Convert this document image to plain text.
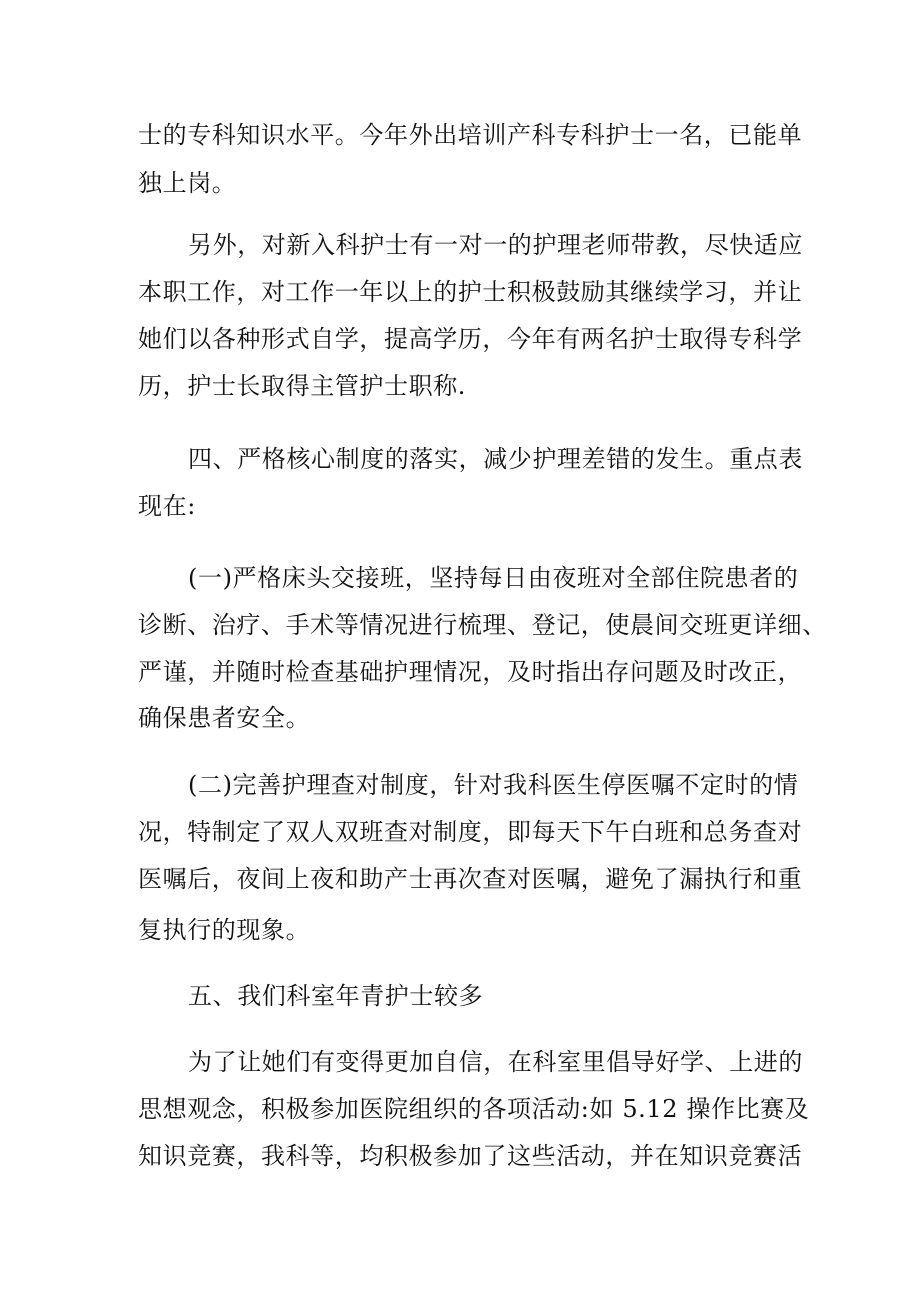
士的专科知识水平。今年外出培训产科专科护士一名，已能单
独上岗。
另外，对新入科护士有一对一的护理老师带教，尽快适应
本职工作，对工作一年以上的护士积极鼓励其继续学习，并让
她们以各种形式自学，提高学历，今年有两名护士取得专科学
历，护士长取得主管护士职称.
四、严格核心制度的落实，减少护理差错的发生。重点表
现在:
(一)严格床头交接班，坚持每日由夜班对全部住院患者的
诊断、治疗、手术等情况进行梳理、登记，使晨间交班更详细、
严谨，并随时检查基础护理情况，及时指出存问题及时改正，
确保患者安全。
(二)完善护理查对制度，针对我科医生停医嘱不定时的情
况，特制定了双人双班查对制度，即每天下午白班和总务查对
医嘱后，夜间上夜和助产士再次查对医嘱，避免了漏执行和重
复执行的现象。
五、我们科室年青护士较多
为了让她们有变得更加自信，在科室里倡导好学、上进的
思想观念，积极参加医院组织的各项活动:如 5.12 操作比赛及
知识竞赛，我科等，均积极参加了这些活动，并在知识竞赛活
